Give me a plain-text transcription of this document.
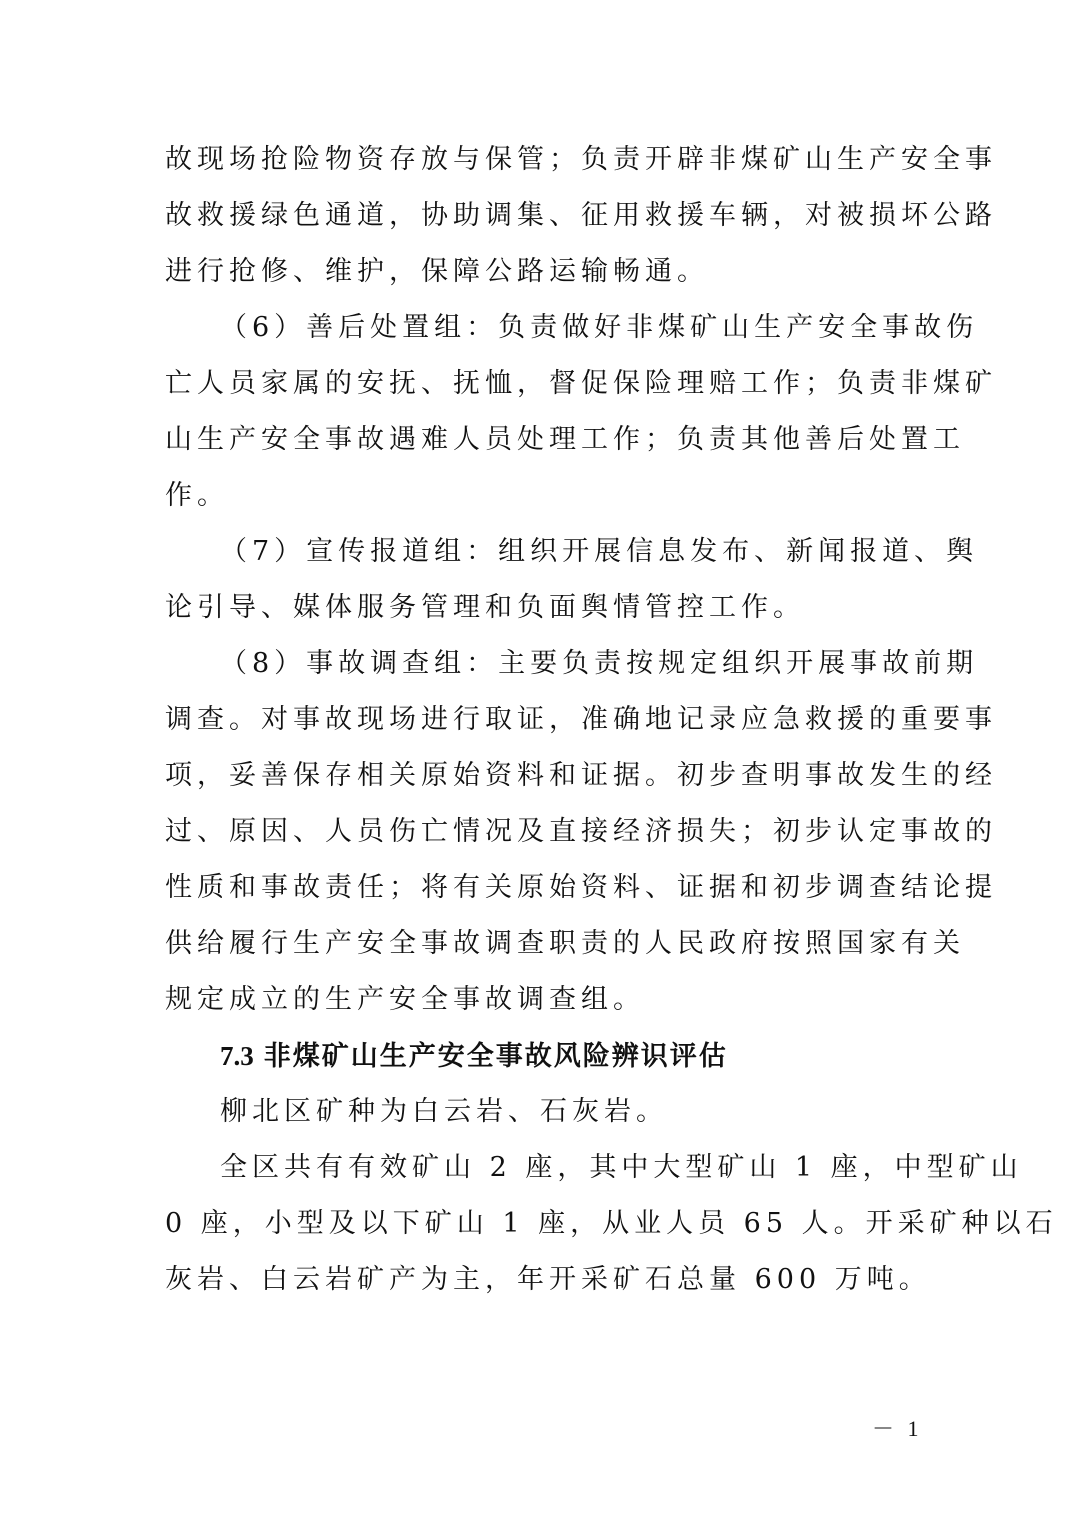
故现场抢险物资存放与保管；负责开辟非煤矿山生产安全事
故救援绿色通道，协助调集、征用救援车辆，对被损坏公路
进行抢修、维护，保障公路运输畅通。
（6）善后处置组：负责做好非煤矿山生产安全事故伤
亡人员家属的安抚、抚恤，督促保险理赔工作；负责非煤矿
山生产安全事故遇难人员处理工作；负责其他善后处置工
作。
（7）宣传报道组：组织开展信息发布、新闻报道、舆
论引导、媒体服务管理和负面舆情管控工作。
（8）事故调查组：主要负责按规定组织开展事故前期
调查。对事故现场进行取证，准确地记录应急救援的重要事
项，妥善保存相关原始资料和证据。初步查明事故发生的经
过、原因、人员伤亡情况及直接经济损失；初步认定事故的
性质和事故责任；将有关原始资料、证据和初步调查结论提
供给履行生产安全事故调查职责的人民政府按照国家有关
规定成立的生产安全事故调查组。
7.3 非煤矿山生产安全事故风险辨识评估
柳北区矿种为白云岩、石灰岩。
全区共有有效矿山 2 座，其中大型矿山 1 座，中型矿山
0 座，小型及以下矿山 1 座，从业人员 65 人。开采矿种以石
灰岩、白云岩矿产为主，年开采矿石总量 600 万吨。
－ 1
